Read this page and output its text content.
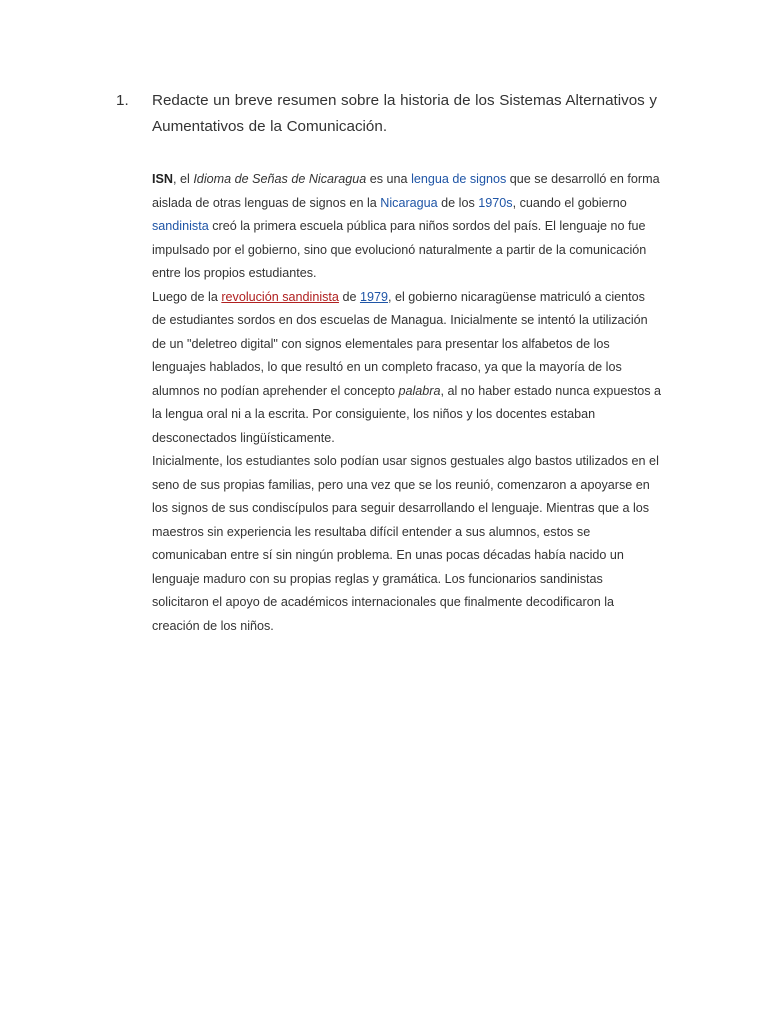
1.	Redacte un breve resumen sobre la historia de los Sistemas Alternativos y Aumentativos de la Comunicación.

ISN, el Idioma de Señas de Nicaragua es una lengua de signos que se desarrolló en forma aislada de otras lenguas de signos en la Nicaragua de los 1970s, cuando el gobierno sandinista creó la primera escuela pública para niños sordos del país. El lenguaje no fue impulsado por el gobierno, sino que evolucionó naturalmente a partir de la comunicación entre los propios estudiantes.

Luego de la revolución sandinista de 1979, el gobierno nicaragüense matriculó a cientos de estudiantes sordos en dos escuelas de Managua. Inicialmente se intentó la utilización de un "deletreo digital" con signos elementales para presentar los alfabetos de los lenguajes hablados, lo que resultó en un completo fracaso, ya que la mayoría de los alumnos no podían aprehender el concepto palabra, al no haber estado nunca expuestos a la lengua oral ni a la escrita. Por consiguiente, los niños y los docentes estaban desconectados lingüísticamente.

Inicialmente, los estudiantes solo podían usar signos gestuales algo bastos utilizados en el seno de sus propias familias, pero una vez que se los reunió, comenzaron a apoyarse en los signos de sus condiscípulos para seguir desarrollando el lenguaje. Mientras que a los maestros sin experiencia les resultaba difícil entender a sus alumnos, estos se comunicaban entre sí sin ningún problema. En unas pocas décadas había nacido un lenguaje maduro con su propias reglas y gramática. Los funcionarios sandinistas solicitaron el apoyo de académicos internacionales que finalmente decodificaron la creación de los niños.
